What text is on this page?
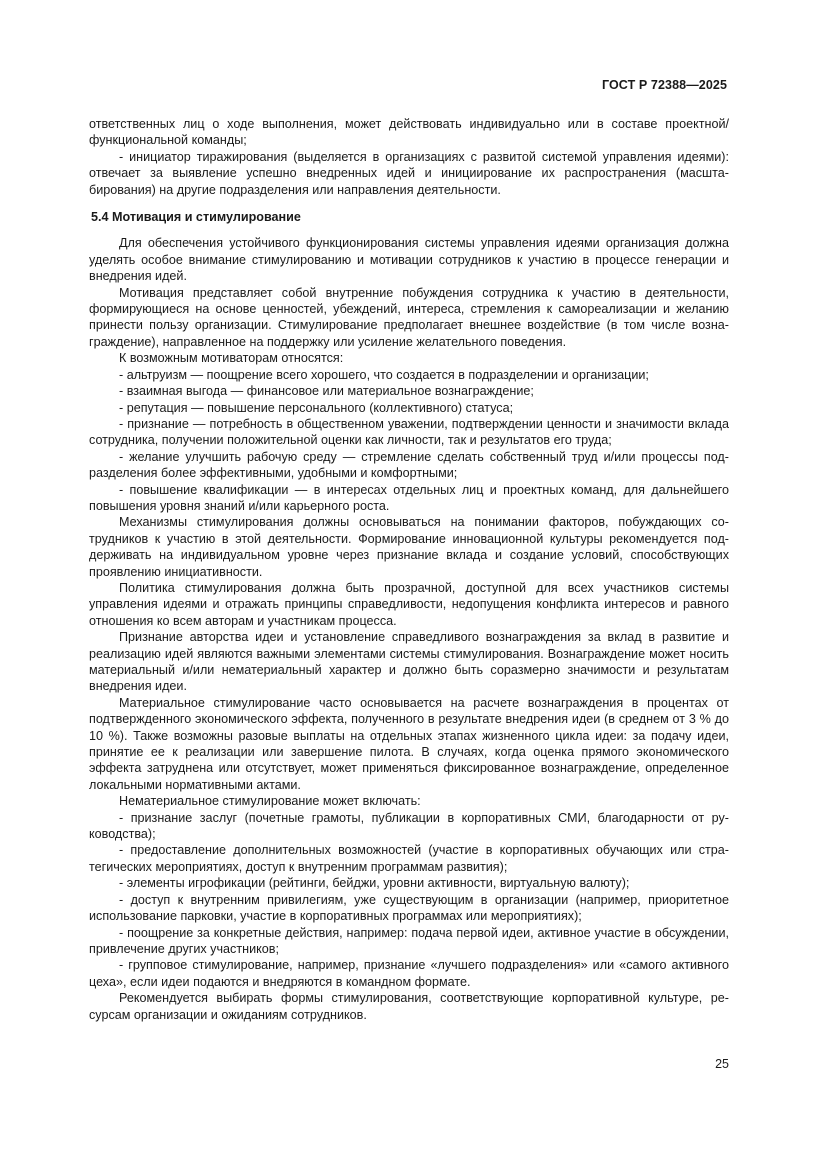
ГОСТ Р 72388—2025

ответственных лиц о ходе выполнения, может действовать индивидуально или в составе проектной/функциональной команды;

- инициатор тиражирования (выделяется в организациях с развитой системой управления идеями): отвечает за выявление успешно внедренных идей и инициирование их распространения (масштабирования) на другие подразделения или направления деятельности.

5.4 Мотивация и стимулирование

Для обеспечения устойчивого функционирования системы управления идеями организация должна уделять особое внимание стимулированию и мотивации сотрудников к участию в процессе генерации и внедрения идей.

Мотивация представляет собой внутренние побуждения сотрудника к участию в деятельности, формирующиеся на основе ценностей, убеждений, интереса, стремления к самореализации и желанию принести пользу организации. Стимулирование предполагает внешнее воздействие (в том числе вознаграждение), направленное на поддержку или усиление желательного поведения.

К возможным мотиваторам относятся:

- альтруизм — поощрение всего хорошего, что создается в подразделении и организации;

- взаимная выгода — финансовое или материальное вознаграждение;

- репутация — повышение персонального (коллективного) статуса;

- признание — потребность в общественном уважении, подтверждении ценности и значимости вклада сотрудника, получении положительной оценки как личности, так и результатов его труда;

- желание улучшить рабочую среду — стремление сделать собственный труд и/или процессы подразделения более эффективными, удобными и комфортными;

- повышение квалификации — в интересах отдельных лиц и проектных команд, для дальнейшего повышения уровня знаний и/или карьерного роста.

Механизмы стимулирования должны основываться на понимании факторов, побуждающих сотрудников к участию в этой деятельности. Формирование инновационной культуры рекомендуется поддерживать на индивидуальном уровне через признание вклада и создание условий, способствующих проявлению инициативности.

Политика стимулирования должна быть прозрачной, доступной для всех участников системы управления идеями и отражать принципы справедливости, недопущения конфликта интересов и равного отношения ко всем авторам и участникам процесса.

Признание авторства идеи и установление справедливого вознаграждения за вклад в развитие и реализацию идей являются важными элементами системы стимулирования. Вознаграждение может носить материальный и/или нематериальный характер и должно быть соразмерно значимости и результатам внедрения идеи.

Материальное стимулирование часто основывается на расчете вознаграждения в процентах от подтвержденного экономического эффекта, полученного в результате внедрения идеи (в среднем от 3 % до 10 %). Также возможны разовые выплаты на отдельных этапах жизненного цикла идеи: за подачу идеи, принятие ее к реализации или завершение пилота. В случаях, когда оценка прямого экономического эффекта затруднена или отсутствует, может применяться фиксированное вознаграждение, определенное локальными нормативными актами.

Нематериальное стимулирование может включать:

- признание заслуг (почетные грамоты, публикации в корпоративных СМИ, благодарности от руководства);

- предоставление дополнительных возможностей (участие в корпоративных обучающих или стратегических мероприятиях, доступ к внутренним программам развития);

- элементы игрофикации (рейтинги, бейджи, уровни активности, виртуальную валюту);

- доступ к внутренним привилегиям, уже существующим в организации (например, приоритетное использование парковки, участие в корпоративных программах или мероприятиях);

- поощрение за конкретные действия, например: подача первой идеи, активное участие в обсуждении, привлечение других участников;

- групповое стимулирование, например, признание «лучшего подразделения» или «самого активного цеха», если идеи подаются и внедряются в командном формате.

Рекомендуется выбирать формы стимулирования, соответствующие корпоративной культуре, ресурсам организации и ожиданиям сотрудников.

25
